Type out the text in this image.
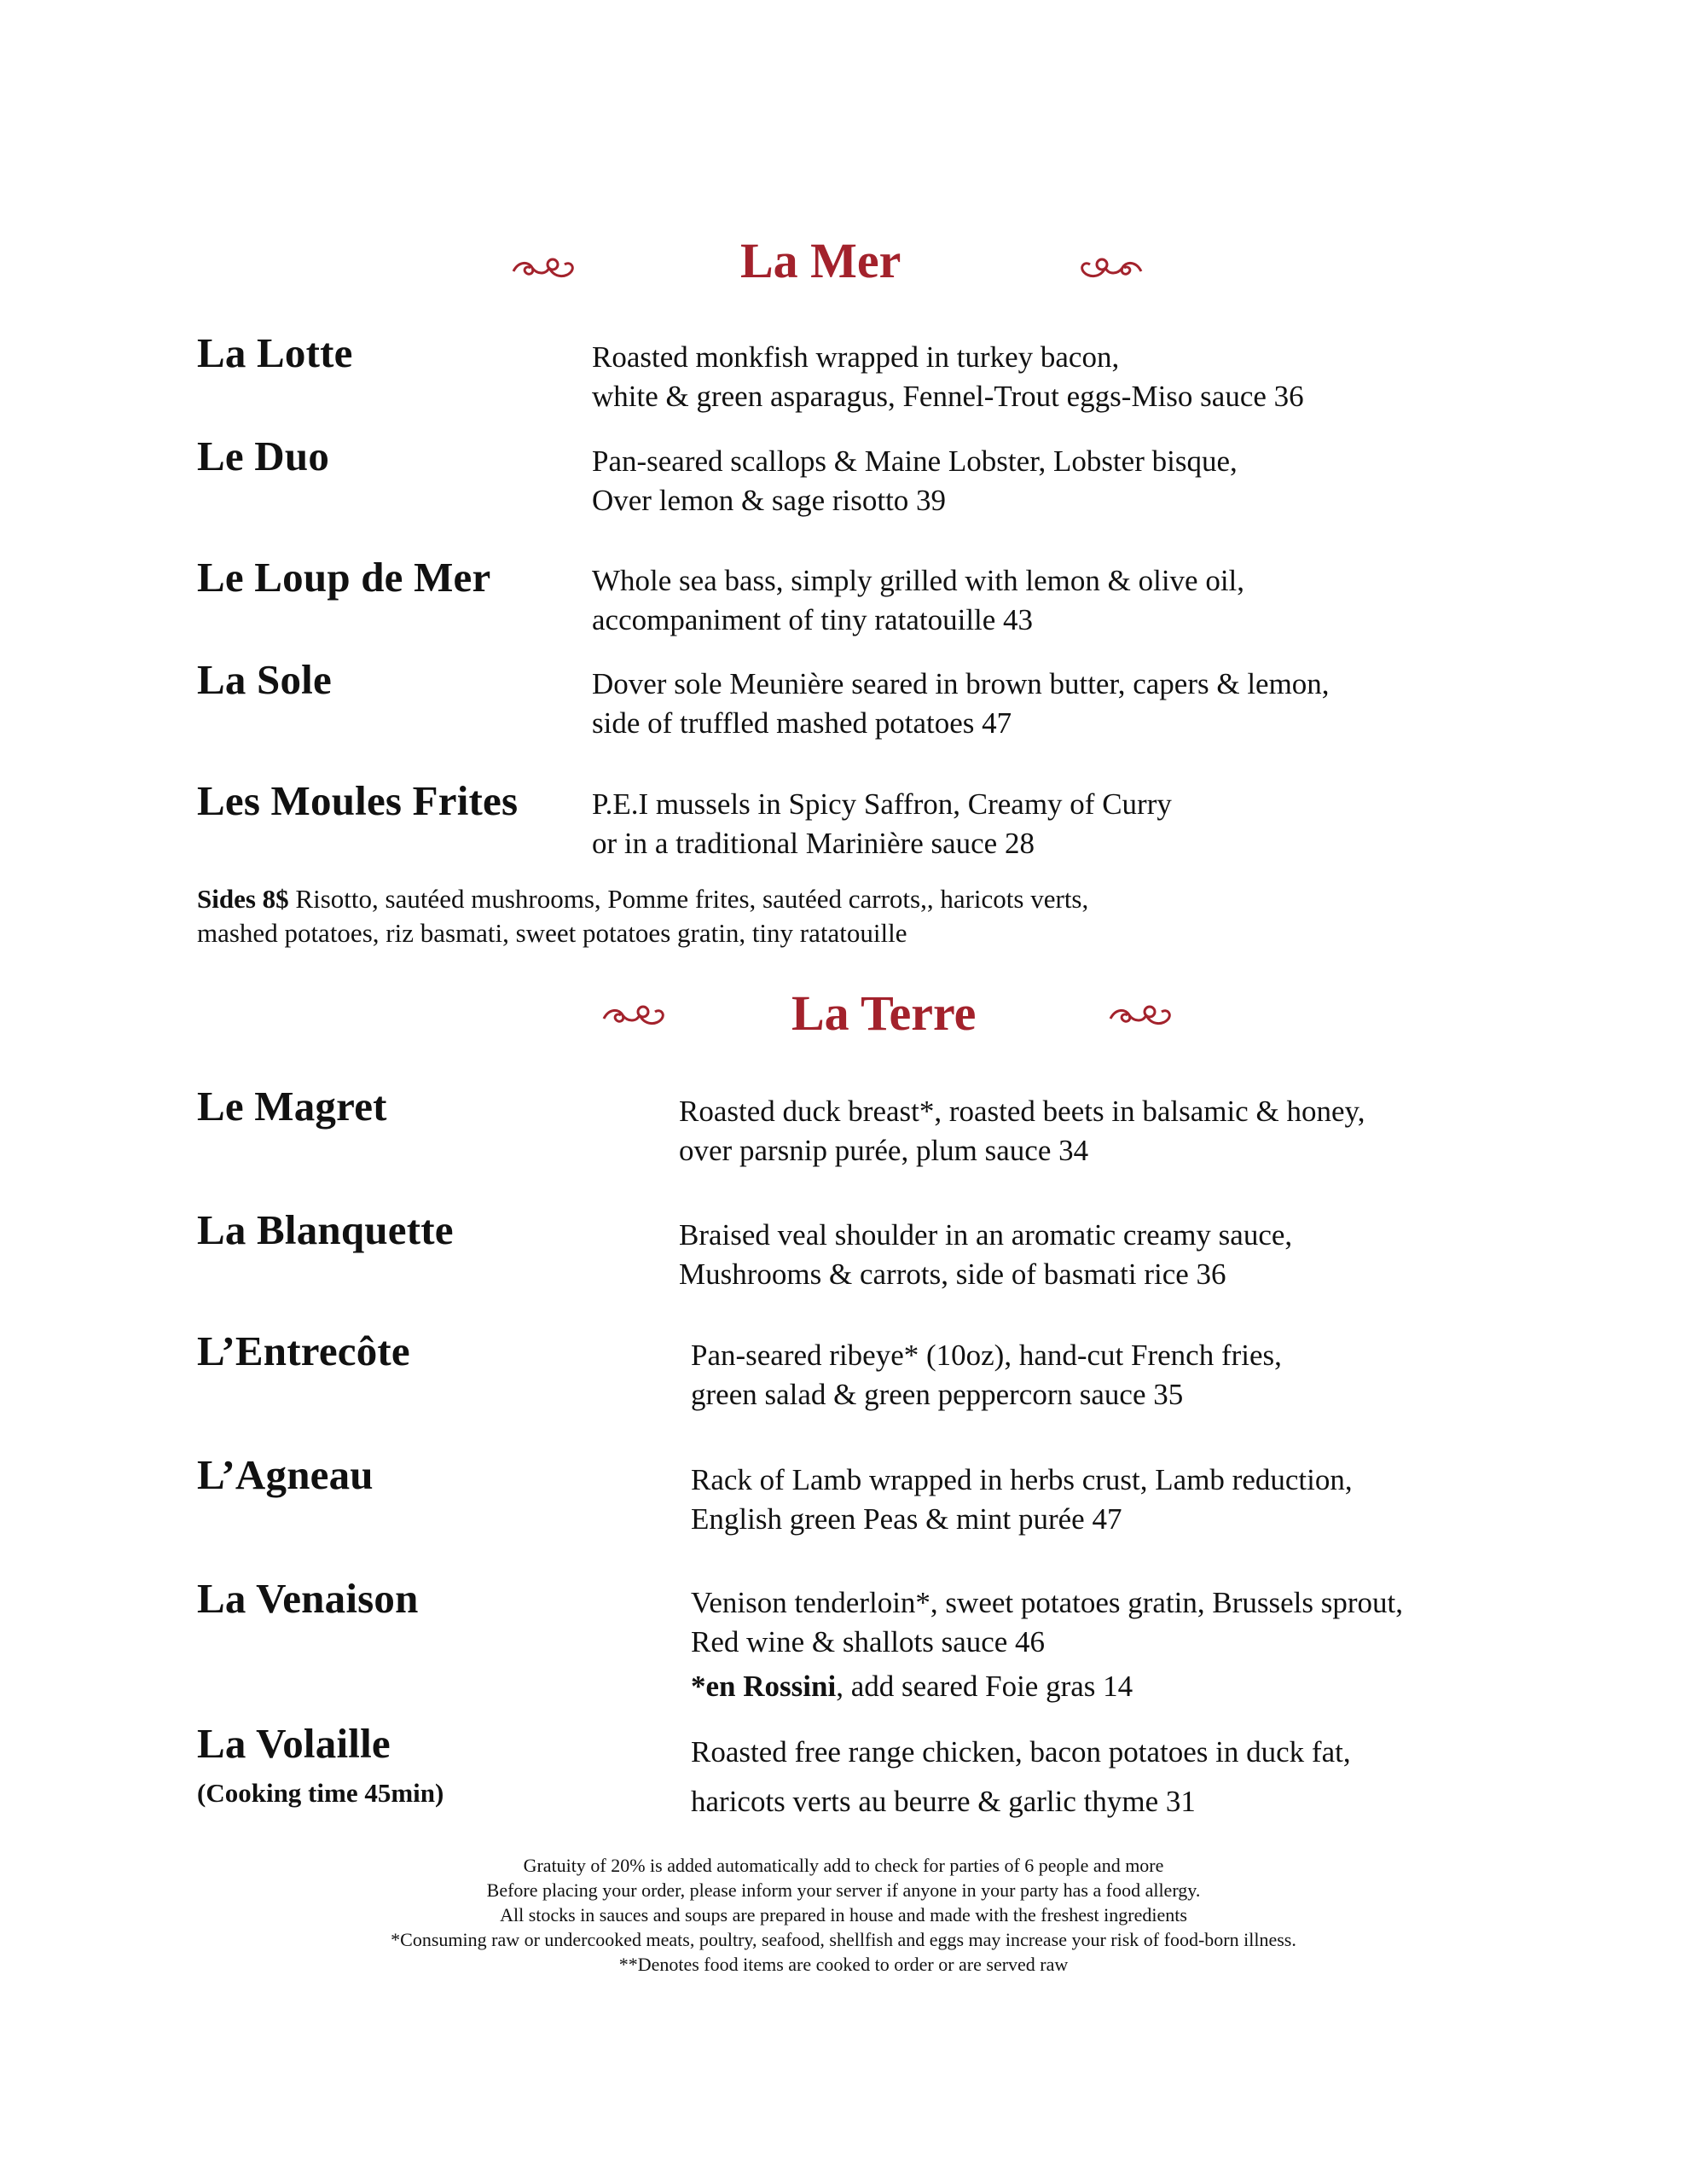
La Mer
La Lotte	Roasted monkfish wrapped in turkey bacon,
white & green asparagus, Fennel-Trout eggs-Miso sauce 36
Le Duo	Pan-seared scallops & Maine Lobster, Lobster bisque,
Over lemon & sage risotto 39
Le Loup de Mer	Whole sea bass, simply grilled with lemon & olive oil,
accompaniment of tiny ratatouille 43
La Sole	Dover sole Meunière seared in brown butter, capers & lemon,
side of truffled mashed potatoes 47
Les Moules Frites P.E.I mussels in Spicy Saffron, Creamy of Curry
or in a traditional Marinière sauce 28
Sides 8$ Risotto, sautéed mushrooms, Pomme frites, sautéed carrots,, haricots verts,
mashed potatoes, riz basmati, sweet potatoes gratin, tiny ratatouille
La Terre
Le Magret	Roasted duck breast*, roasted beets in balsamic & honey,
over parsnip purée, plum sauce 34
La Blanquette	Braised veal shoulder in an aromatic creamy sauce,
Mushrooms & carrots, side of basmati rice 36
L’Entrecôte	Pan-seared ribeye* (10oz), hand-cut French fries,
green salad & green peppercorn sauce 35
L’Agneau	Rack of Lamb wrapped in herbs crust, Lamb reduction,
English green Peas & mint purée 47
La Venaison	Venison tenderloin*, sweet potatoes gratin, Brussels sprout,
Red wine & shallots sauce 46
*en Rossini, add seared Foie gras 14
La Volaille
(Cooking time 45min)
Roasted free range chicken, bacon potatoes in duck fat,
haricots verts au beurre & garlic thyme 31
Gratuity of 20% is added automatically add to check for parties of 6 people and more
Before placing your order, please inform your server if anyone in your party has a food allergy.
All stocks in sauces and soups are prepared in house and made with the freshest ingredients
*Consuming raw or undercooked meats, poultry, seafood, shellfish and eggs may increase your risk of food-born illness.
**Denotes food items are cooked to order or are served raw
